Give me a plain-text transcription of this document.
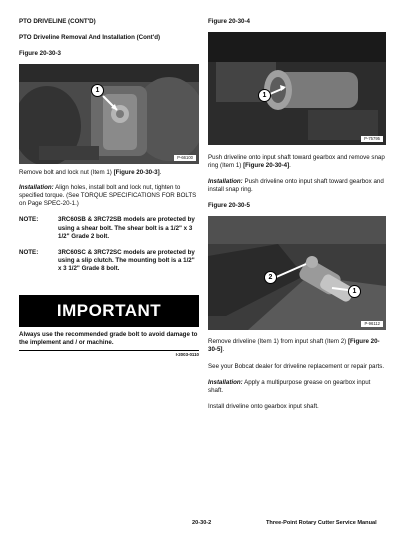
PTO DRIVELINE (CONT'D)

PTO Driveline Removal And Installation (Cont'd)

Figure 20-30-3

1
P-66100

Remove bolt and lock nut (Item 1) [Figure 20-30-3].

Installation: Align holes, install bolt and lock nut, tighten to specified torque. (See TORQUE SPECIFICATIONS FOR BOLTS on Page SPEC-20-1.)

NOTE:	3RC60SB & 3RC72SB models are protected by using a shear bolt. The shear bolt is a 1/2" x 3 1/2" Grade 2 bolt.
NOTE:	3RC60SC & 3RC72SC models are protected by using a slip clutch. The mounting bolt is a 1/2" x 3 1/2" Grade 8 bolt.
IMPORTANT

Always use the recommended grade bolt to avoid damage to the implement and / or machine.

I-2003-0110

Figure 20-30-4

1
P-75795

Push driveline onto input shaft toward gearbox and remove snap ring (Item 1) [Figure 20-30-4].

Installation: Push driveline onto input shaft toward gearbox and install snap ring.

Figure 20-30-5

2
1
P-96112

Remove driveline (Item 1) from input shaft (Item 2) [Figure 20-30-5].

See your Bobcat dealer for driveline replacement or repair parts.

Installation: Apply a multipurpose grease on gearbox input shaft.

Install driveline onto gearbox input shaft.

20-30-2	Three-Point Rotary Cutter Service Manual
